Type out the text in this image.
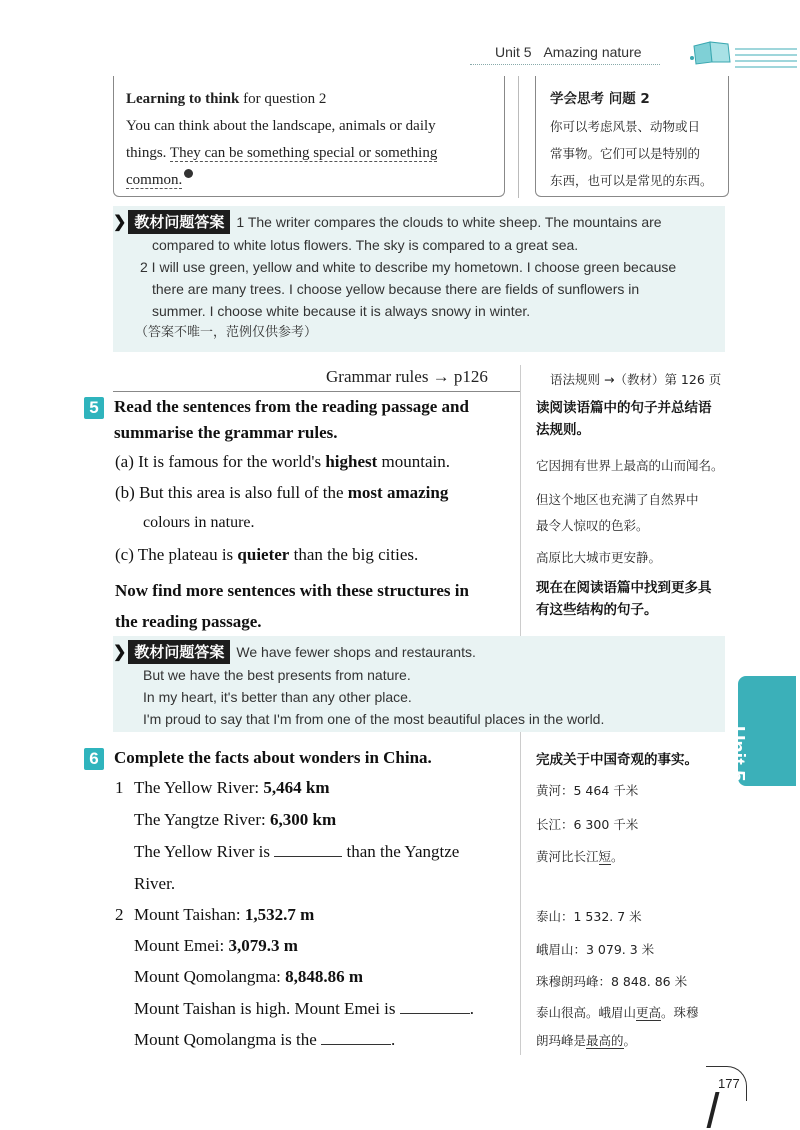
Unit 5 Amazing nature
Learning to think for question 2
You can think about the landscape, animals or daily
things. They can be something special or something
common.
学会思考 问题 2
你可以考虑风景、动物或日
常事物。它们可以是特别的
东西，也可以是常见的东西。
❯ 教材问题答案 1 The writer compares the clouds to white sheep. The mountains are
compared to white lotus flowers. The sky is compared to a great sea.
2 I will use green, yellow and white to describe my hometown. I choose green because
there are many trees. I choose yellow because there are fields of sunflowers in
summer. I choose white because it is always snowy in winter.
（答案不唯一，范例仅供参考）
Grammar rules → p126	语法规则 →（教材）第 126 页
5 Read the sentences from the reading passage and
summarise the grammar rules.
读阅读语篇中的句子并总结语
法规则。
(a) It is famous for the world's highest mountain.	它因拥有世界上最高的山而闻名。
(b) But this area is also full of the most amazing
colours in nature.
但这个地区也充满了自然界中
最令人惊叹的色彩。
(c) The plateau is quieter than the big cities.	高原比大城市更安静。
Now find more sentences with these structures in
the reading passage.
现在在阅读语篇中找到更多具
有这些结构的句子。
❯ 教材问题答案 We have fewer shops and restaurants.
But we have the best presents from nature.
In my heart, it's better than any other place.
I'm proud to say that I'm from one of the most beautiful places in the world.
6 Complete the facts about wonders in China.	完成关于中国奇观的事实。
1 The Yellow River: 5,464 km
The Yangtze River: 6,300 km
The Yellow River is	than the Yangtze
River.
黄河：5 464 千米
长江：6 300 千米
黄河比长江短。
2 Mount Taishan: 1,532.7 m
Mount Emei: 3,079.3 m
Mount Qomolangma: 8,848.86 m
Mount Taishan is high. Mount Emei is	.
Mount Qomolangma is the	.
泰山：1 532. 7 米
峨眉山：3 079. 3 米
珠穆朗玛峰：8 848. 86 米
泰山很高。峨眉山更高。珠穆
朗玛峰是最高的。
Unit 5
177
